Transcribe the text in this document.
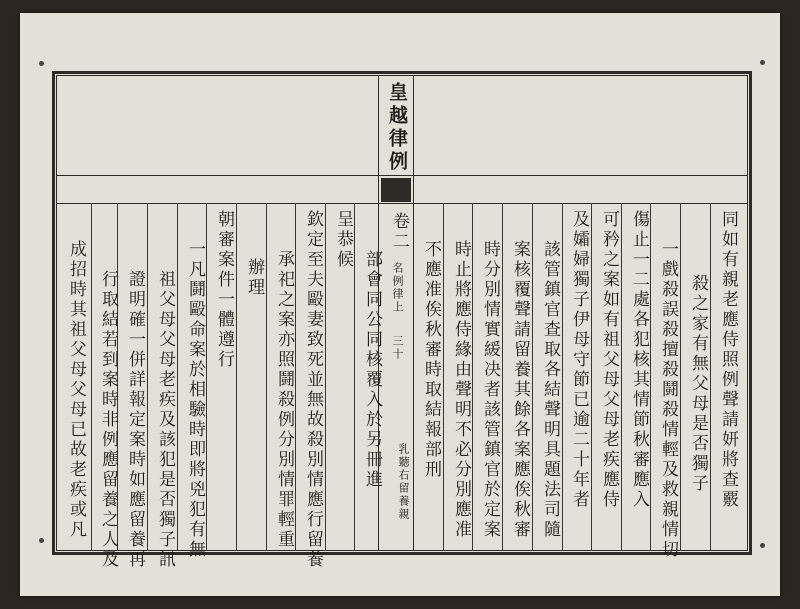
皇越律例

卷二

名例律上

三十	同如有親老應侍照例聲請妍將查覈

殺之家有無父母是否獨子

一戲殺誤殺擅殺鬪殺情輕及救親情切

傷止一二處各犯核其情節秋審應入

可矜之案如有祖父母父母老疾應侍

及孀婦獨子伊母守節已逾二十年者

該管鎮官查取各結聲明具題法司隨

案核覆聲請留養其餘各案應俟秋審

時分別情實緩决者該管鎮官於定案

時止將應侍緣由聲明不必分別應准

不應准俟秋審時取結報部刑

乳聽右留養親

部會同公同核覆入於另冊進

呈恭候

欽定至夫毆妻致死並無故殺別情應行留養

承祀之案亦照鬪殺例分別情罪輕重

辦理

朝審案件一體遵行

一凡鬪毆命案於相驗時即將兇犯有無

祖父母父母老疾及該犯是否獨子訊

證明確一併詳報定案時如應留養再

行取結若到案時非例應留養之人及

成招時其祖父母父母已故老疾或凡
